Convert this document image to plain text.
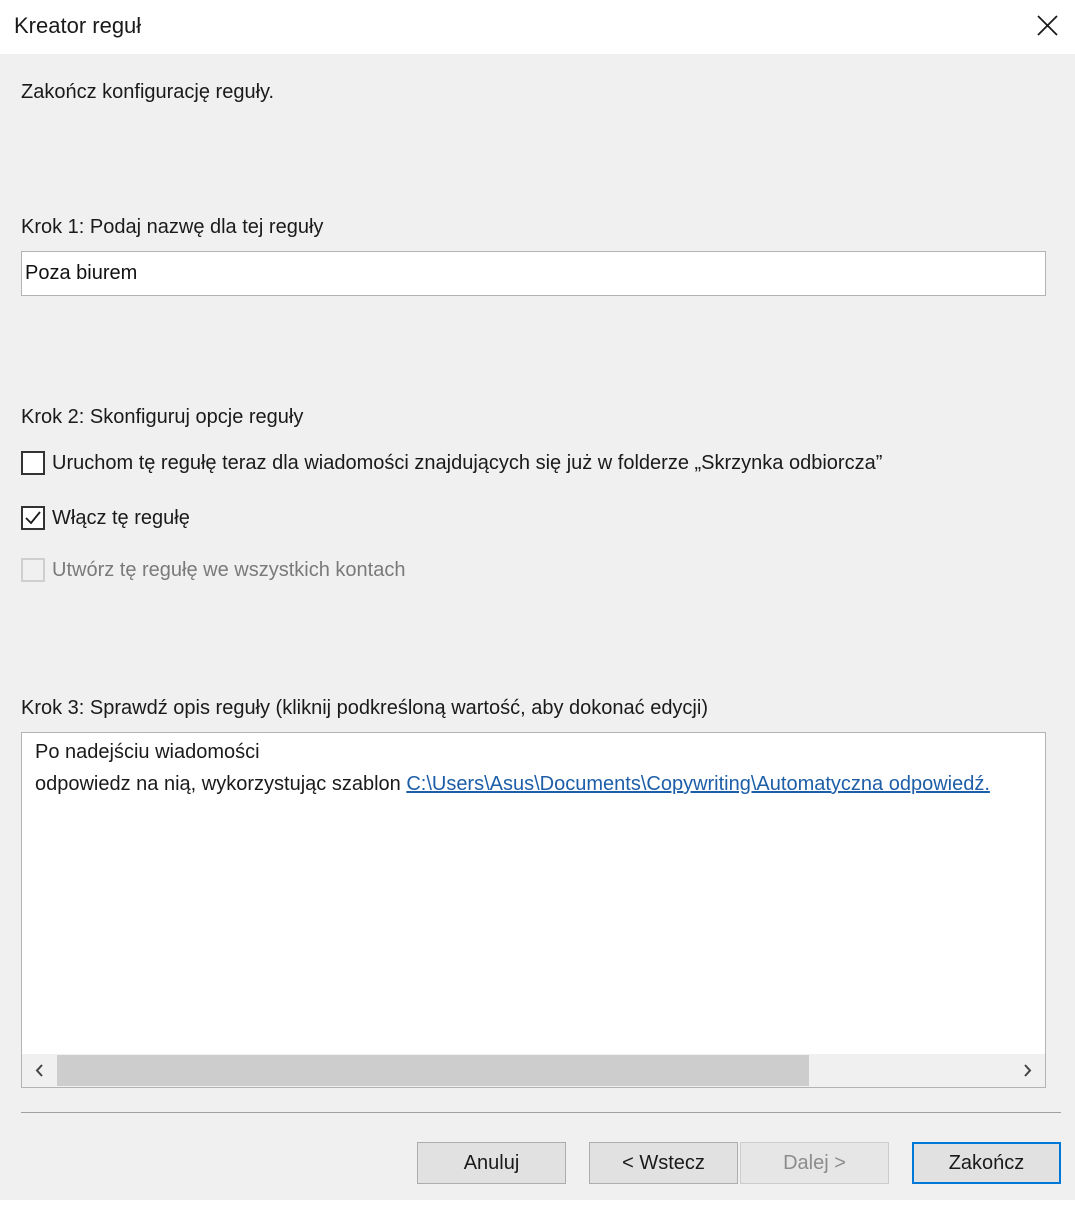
Kreator reguł
Zakończ konfigurację reguły.
Krok 1: Podaj nazwę dla tej reguły
Poza biurem
Krok 2: Skonfiguruj opcje reguły
Uruchom tę regułę teraz dla wiadomości znajdujących się już w folderze „Skrzynka odbiorcza”
Włącz tę regułę
Utwórz tę regułę we wszystkich kontach
Krok 3: Sprawdź opis reguły (kliknij podkreśloną wartość, aby dokonać edycji)
Po nadejściu wiadomości
odpowiedz na nią, wykorzystując szablon C:\Users\Asus\Documents\Copywriting\Automatyczna odpowiedź.
Anuluj	< Wstecz	Dalej >	Zakończ
